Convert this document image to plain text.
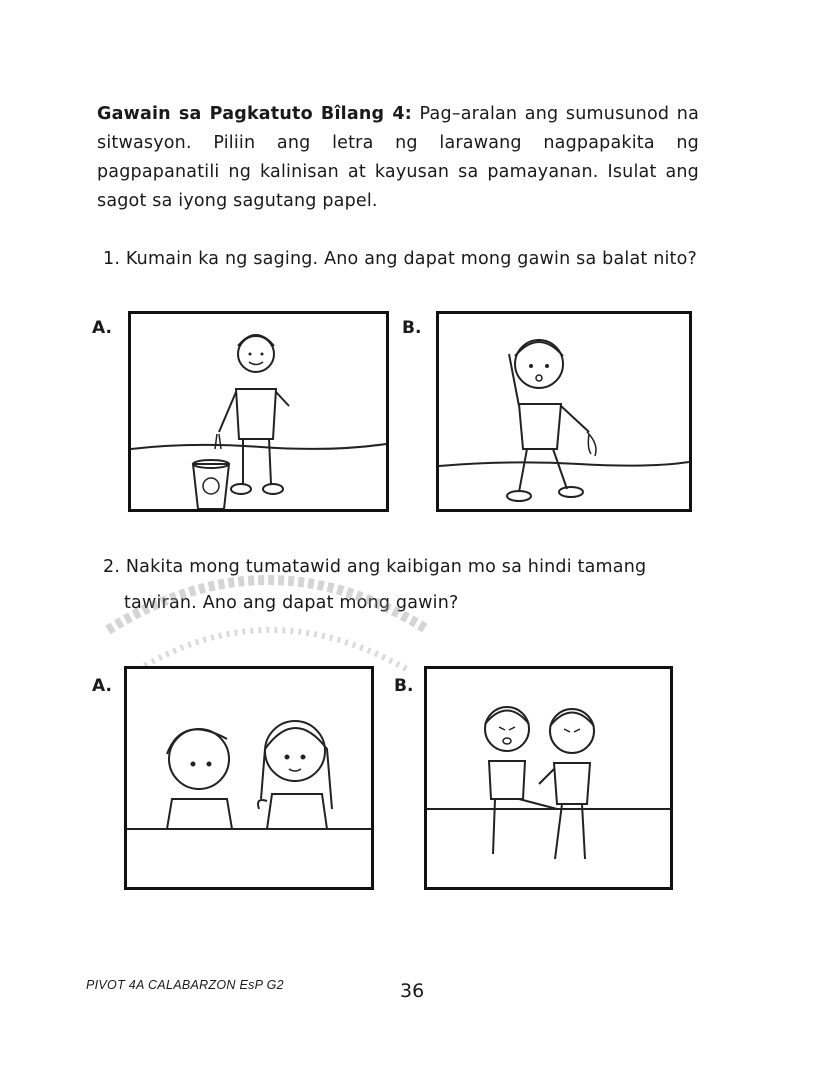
Gawain sa Pagkatuto Bîlang 4: Pag–aralan ang sumusunod na sitwasyon. Piliin ang letra ng larawang nagpapakita ng pagpapanatili ng kalinisan at kayusan sa pamayanan. Isulat ang sagot sa iyong sagutang papel.
1. Kumain ka ng saging. Ano ang dapat mong gawin sa balat nito?
A.	B.
2. Nakita mong tumatawid ang kaibigan mo sa hindi tamang
tawiran. Ano ang dapat mong gawin?
A.	B.
PIVOT 4A CALABARZON EsP G2	36
